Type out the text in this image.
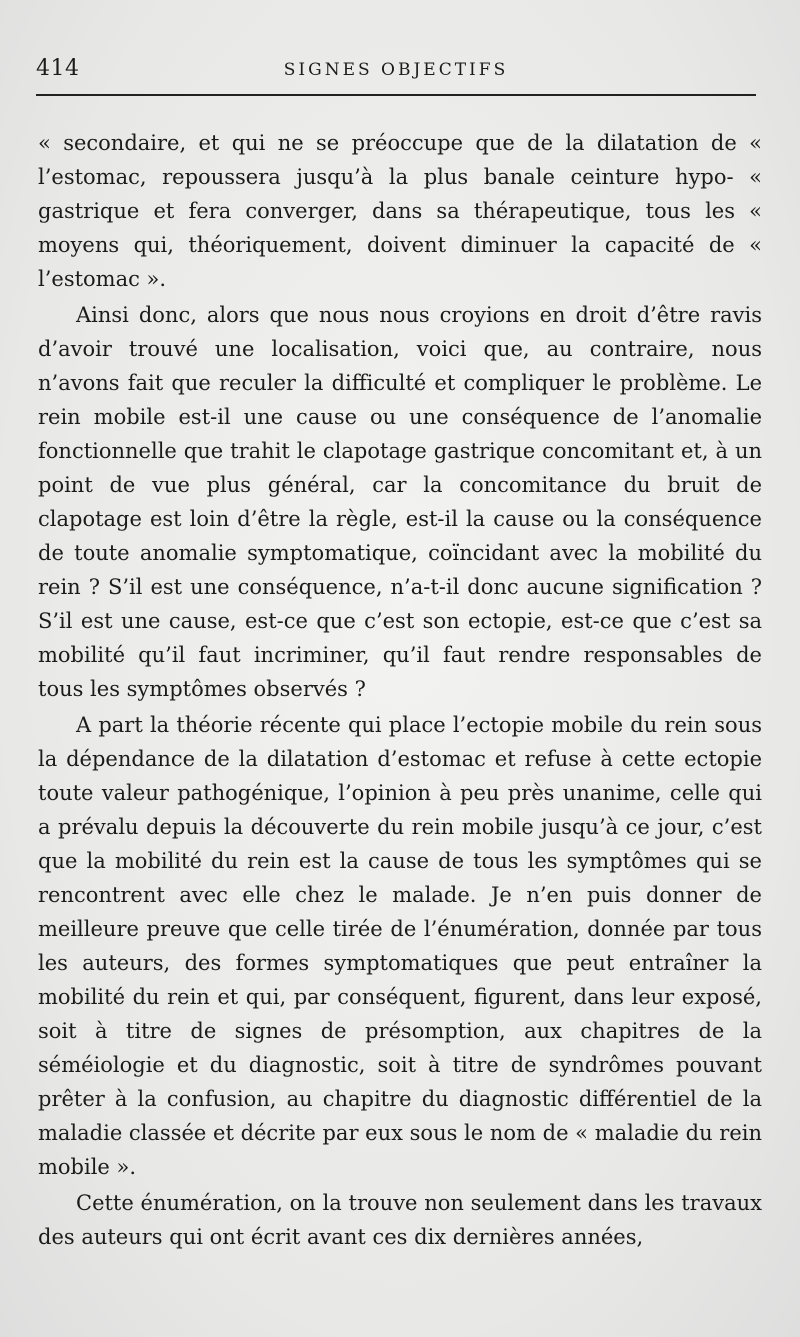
414	SIGNES OBJECTIFS

« secondaire, et qui ne se préoccupe que de la dilatation de « l’estomac, repoussera jusqu’à la plus banale ceinture hypo- « gastrique et fera converger, dans sa thérapeutique, tous les « moyens qui, théoriquement, doivent diminuer la capacité de « l’estomac ».

Ainsi donc, alors que nous nous croyions en droit d’être ravis d’avoir trouvé une localisation, voici que, au contraire, nous n’avons fait que reculer la difficulté et compliquer le problème. Le rein mobile est-il une cause ou une conséquence de l’anomalie fonctionnelle que trahit le clapotage gastrique concomitant et, à un point de vue plus général, car la concomitance du bruit de clapotage est loin d’être la règle, est-il la cause ou la conséquence de toute anomalie symptomatique, coïncidant avec la mobilité du rein ? S’il est une conséquence, n’a-t-il donc aucune signification ? S’il est une cause, est-ce que c’est son ectopie, est-ce que c’est sa mobilité qu’il faut incriminer, qu’il faut rendre responsables de tous les symptômes observés ?

A part la théorie récente qui place l’ectopie mobile du rein sous la dépendance de la dilatation d’estomac et refuse à cette ectopie toute valeur pathogénique, l’opinion à peu près unanime, celle qui a prévalu depuis la découverte du rein mobile jusqu’à ce jour, c’est que la mobilité du rein est la cause de tous les symptômes qui se rencontrent avec elle chez le malade. Je n’en puis donner de meilleure preuve que celle tirée de l’énumération, donnée par tous les auteurs, des formes symptomatiques que peut entraîner la mobilité du rein et qui, par conséquent, figurent, dans leur exposé, soit à titre de signes de présomption, aux chapitres de la séméiologie et du diagnostic, soit à titre de syndrômes pouvant prêter à la confusion, au chapitre du diagnostic différentiel de la maladie classée et décrite par eux sous le nom de « maladie du rein mobile ».

Cette énumération, on la trouve non seulement dans les travaux des auteurs qui ont écrit avant ces dix dernières années,
